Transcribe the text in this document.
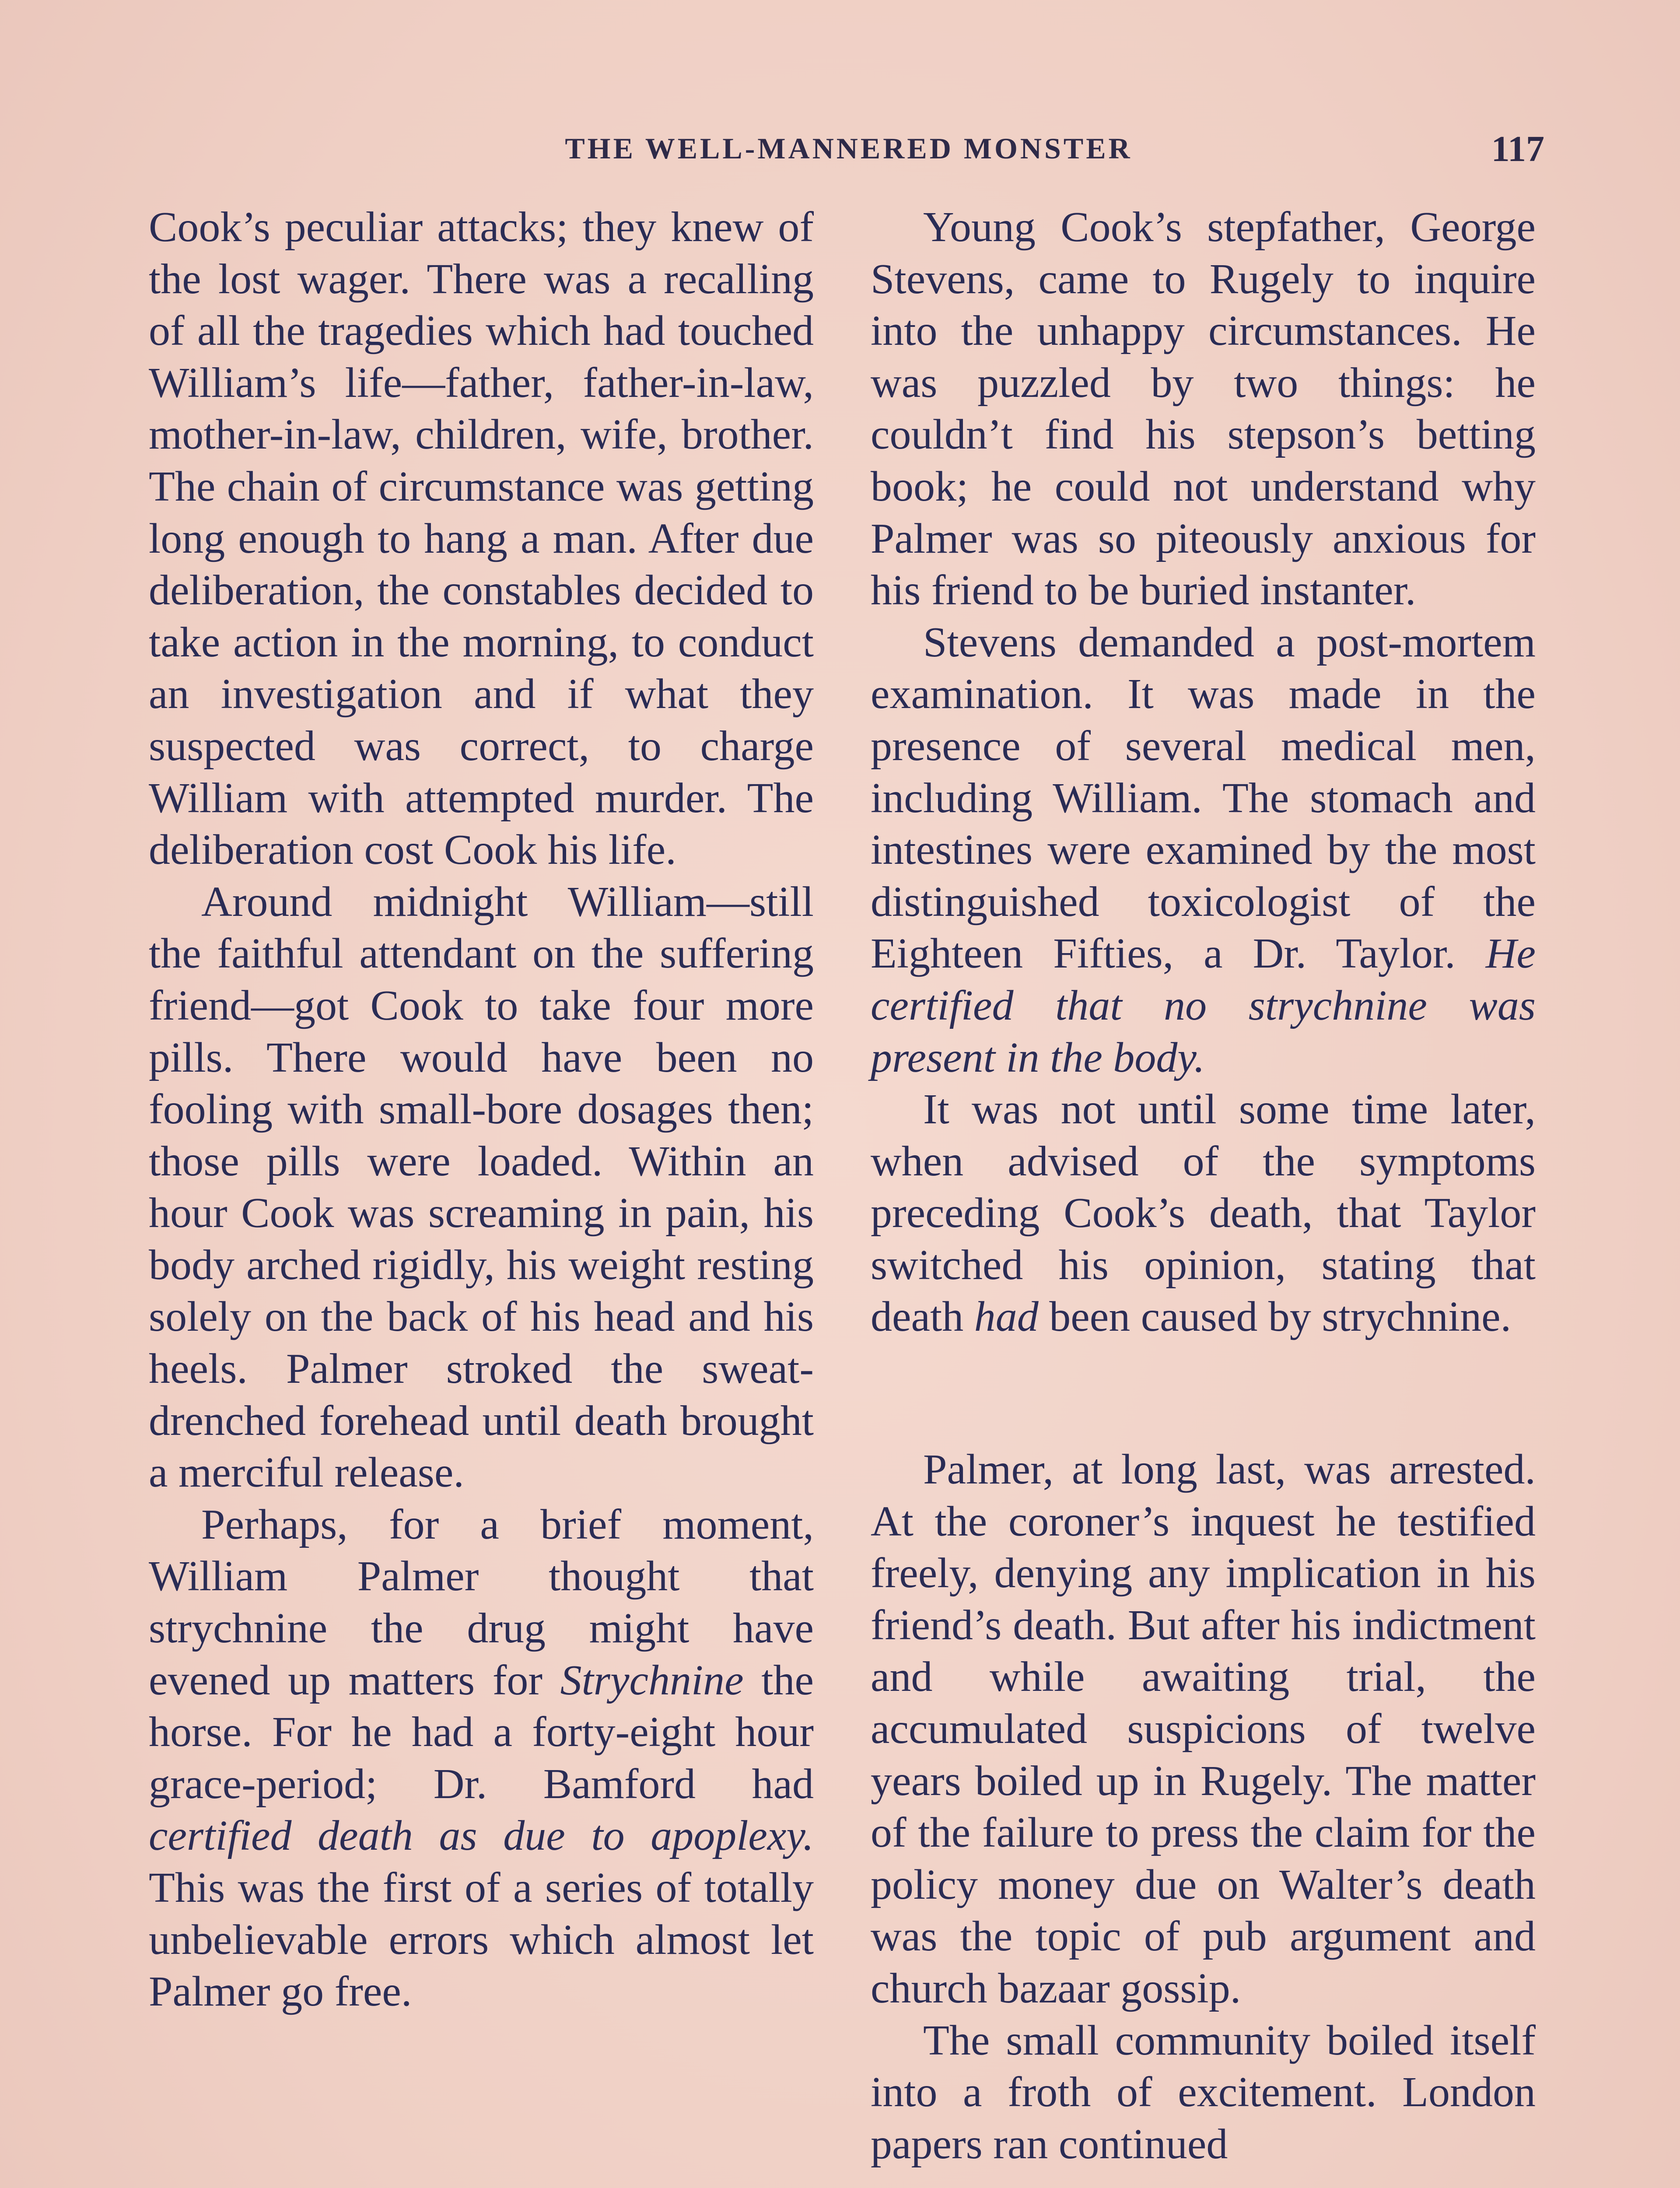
THE WELL-MANNERED MONSTER	117

Cook’s peculiar attacks; they knew of the lost wager. There was a recalling of all the tragedies which had touched William’s life—father, father-in-law, mother-in-law, children, wife, brother. The chain of circumstance was getting long enough to hang a man. After due deliberation, the constables decided to take action in the morning, to conduct an investigation and if what they suspected was correct, to charge William with attempted murder. The deliberation cost Cook his life.

Around midnight William—still the faithful attendant on the suffering friend—got Cook to take four more pills. There would have been no fooling with small-bore dosages then; those pills were loaded. Within an hour Cook was screaming in pain, his body arched rigidly, his weight resting solely on the back of his head and his heels. Palmer stroked the sweat-drenched forehead until death brought a merciful release.

Perhaps, for a brief moment, William Palmer thought that strychnine the drug might have evened up matters for Strychnine the horse. For he had a forty-eight hour grace-period; Dr. Bamford had certified death as due to apoplexy. This was the first of a series of totally unbelievable errors which almost let Palmer go free.

Young Cook’s stepfather, George Stevens, came to Rugely to inquire into the unhappy circumstances. He was puzzled by two things: he couldn’t find his stepson’s betting book; he could not understand why Palmer was so piteously anxious for his friend to be buried instanter.

Stevens demanded a post-mortem examination. It was made in the presence of several medical men, including William. The stomach and intestines were examined by the most distinguished toxicologist of the Eighteen Fifties, a Dr. Taylor. He certified that no strychnine was present in the body.

It was not until some time later, when advised of the symptoms preceding Cook’s death, that Taylor switched his opinion, stating that death had been caused by strychnine.

Palmer, at long last, was arrested. At the coroner’s inquest he testified freely, denying any implication in his friend’s death. But after his indictment and while awaiting trial, the accumulated suspicions of twelve years boiled up in Rugely. The matter of the failure to press the claim for the policy money due on Walter’s death was the topic of pub argument and church bazaar gossip.

The small community boiled itself into a froth of excitement. London papers ran continued
